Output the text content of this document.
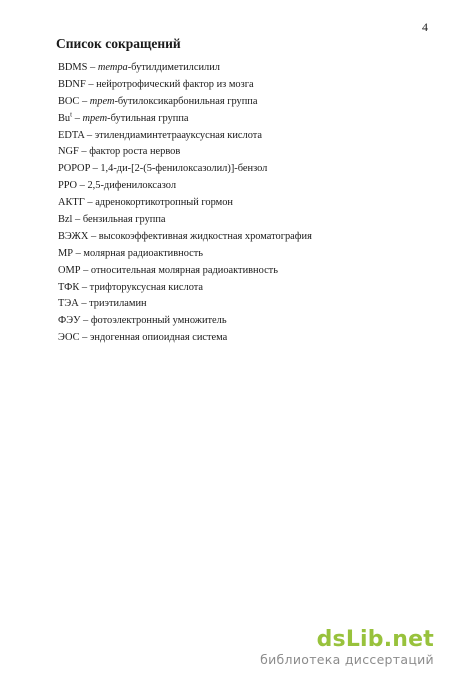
4
Список сокращений
BDMS – тетра-бутилдиметилсилил
BDNF – нейротрофический фактор из мозга
BOC – трет-бутилоксикарбонильная группа
Bu$^t$ – трет-бутильная группа
EDTA – этилендиаминтетраауксусная кислота
NGF – фактор роста нервов
POPOP – 1,4-ди-[2-(5-фенилоксазолил)]-бензол
PPO – 2,5-дифенилоксазол
АКТГ – адренокортикотропный гормон
Bzl – бензильная группа
ВЭЖХ – высокоэффективная жидкостная хроматография
МР – молярная радиоактивность
ОМР – относительная молярная радиоактивность
ТФК – трифторуксусная кислота
ТЭА – триэтиламин
ФЭУ – фотоэлектронный умножитель
ЭОС – эндогенная опиоидная система
dsLib.net
библиотека диссертаций
